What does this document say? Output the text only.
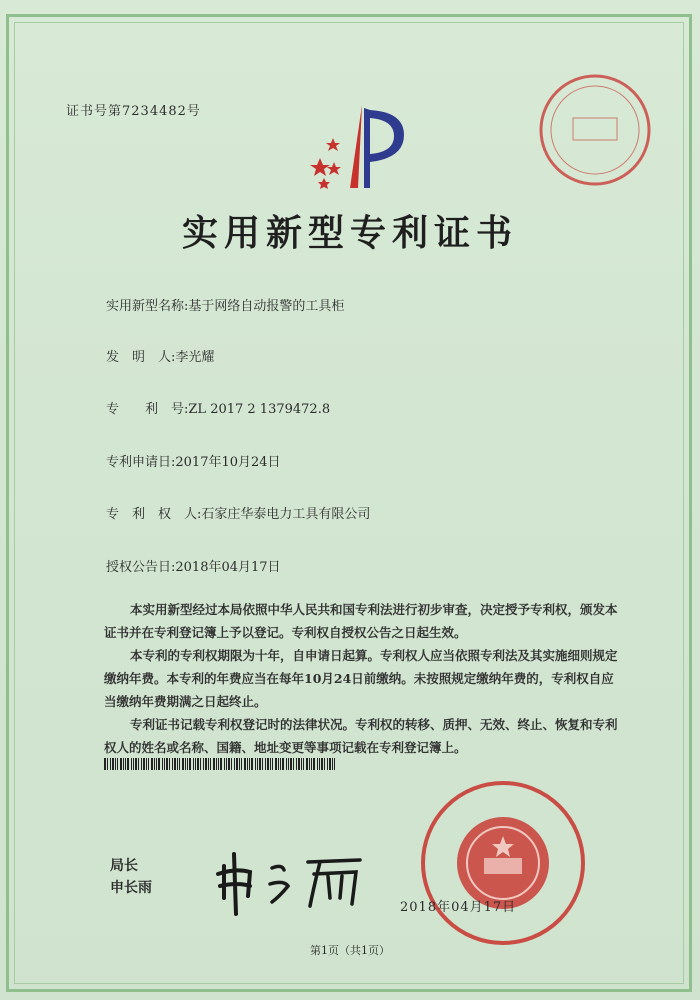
证书号第7234482号
实用新型专利证书
实用新型名称:基于网络自动报警的工具柜
发　明　人:李光耀
专　　利　号:ZL 2017 2 1379472.8
专利申请日:2017年10月24日
专　利　权　人:石家庄华泰电力工具有限公司
授权公告日:2018年04月17日

本实用新型经过本局依照中华人民共和国专利法进行初步审查，决定授予专利权，颁发本证书并在专利登记簿上予以登记。专利权自授权公告之日起生效。

本专利的专利权期限为十年，自申请日起算。专利权人应当依照专利法及其实施细则规定缴纳年费。本专利的年费应当在每年10月24日前缴纳。未按照规定缴纳年费的，专利权自应当缴纳年费期满之日起终止。

专利证书记载专利权登记时的法律状况。专利权的转移、质押、无效、终止、恢复和专利权人的姓名或名称、国籍、地址变更等事项记载在专利登记簿上。

局长
申长雨
2018年04月17日
第1页（共1页）
